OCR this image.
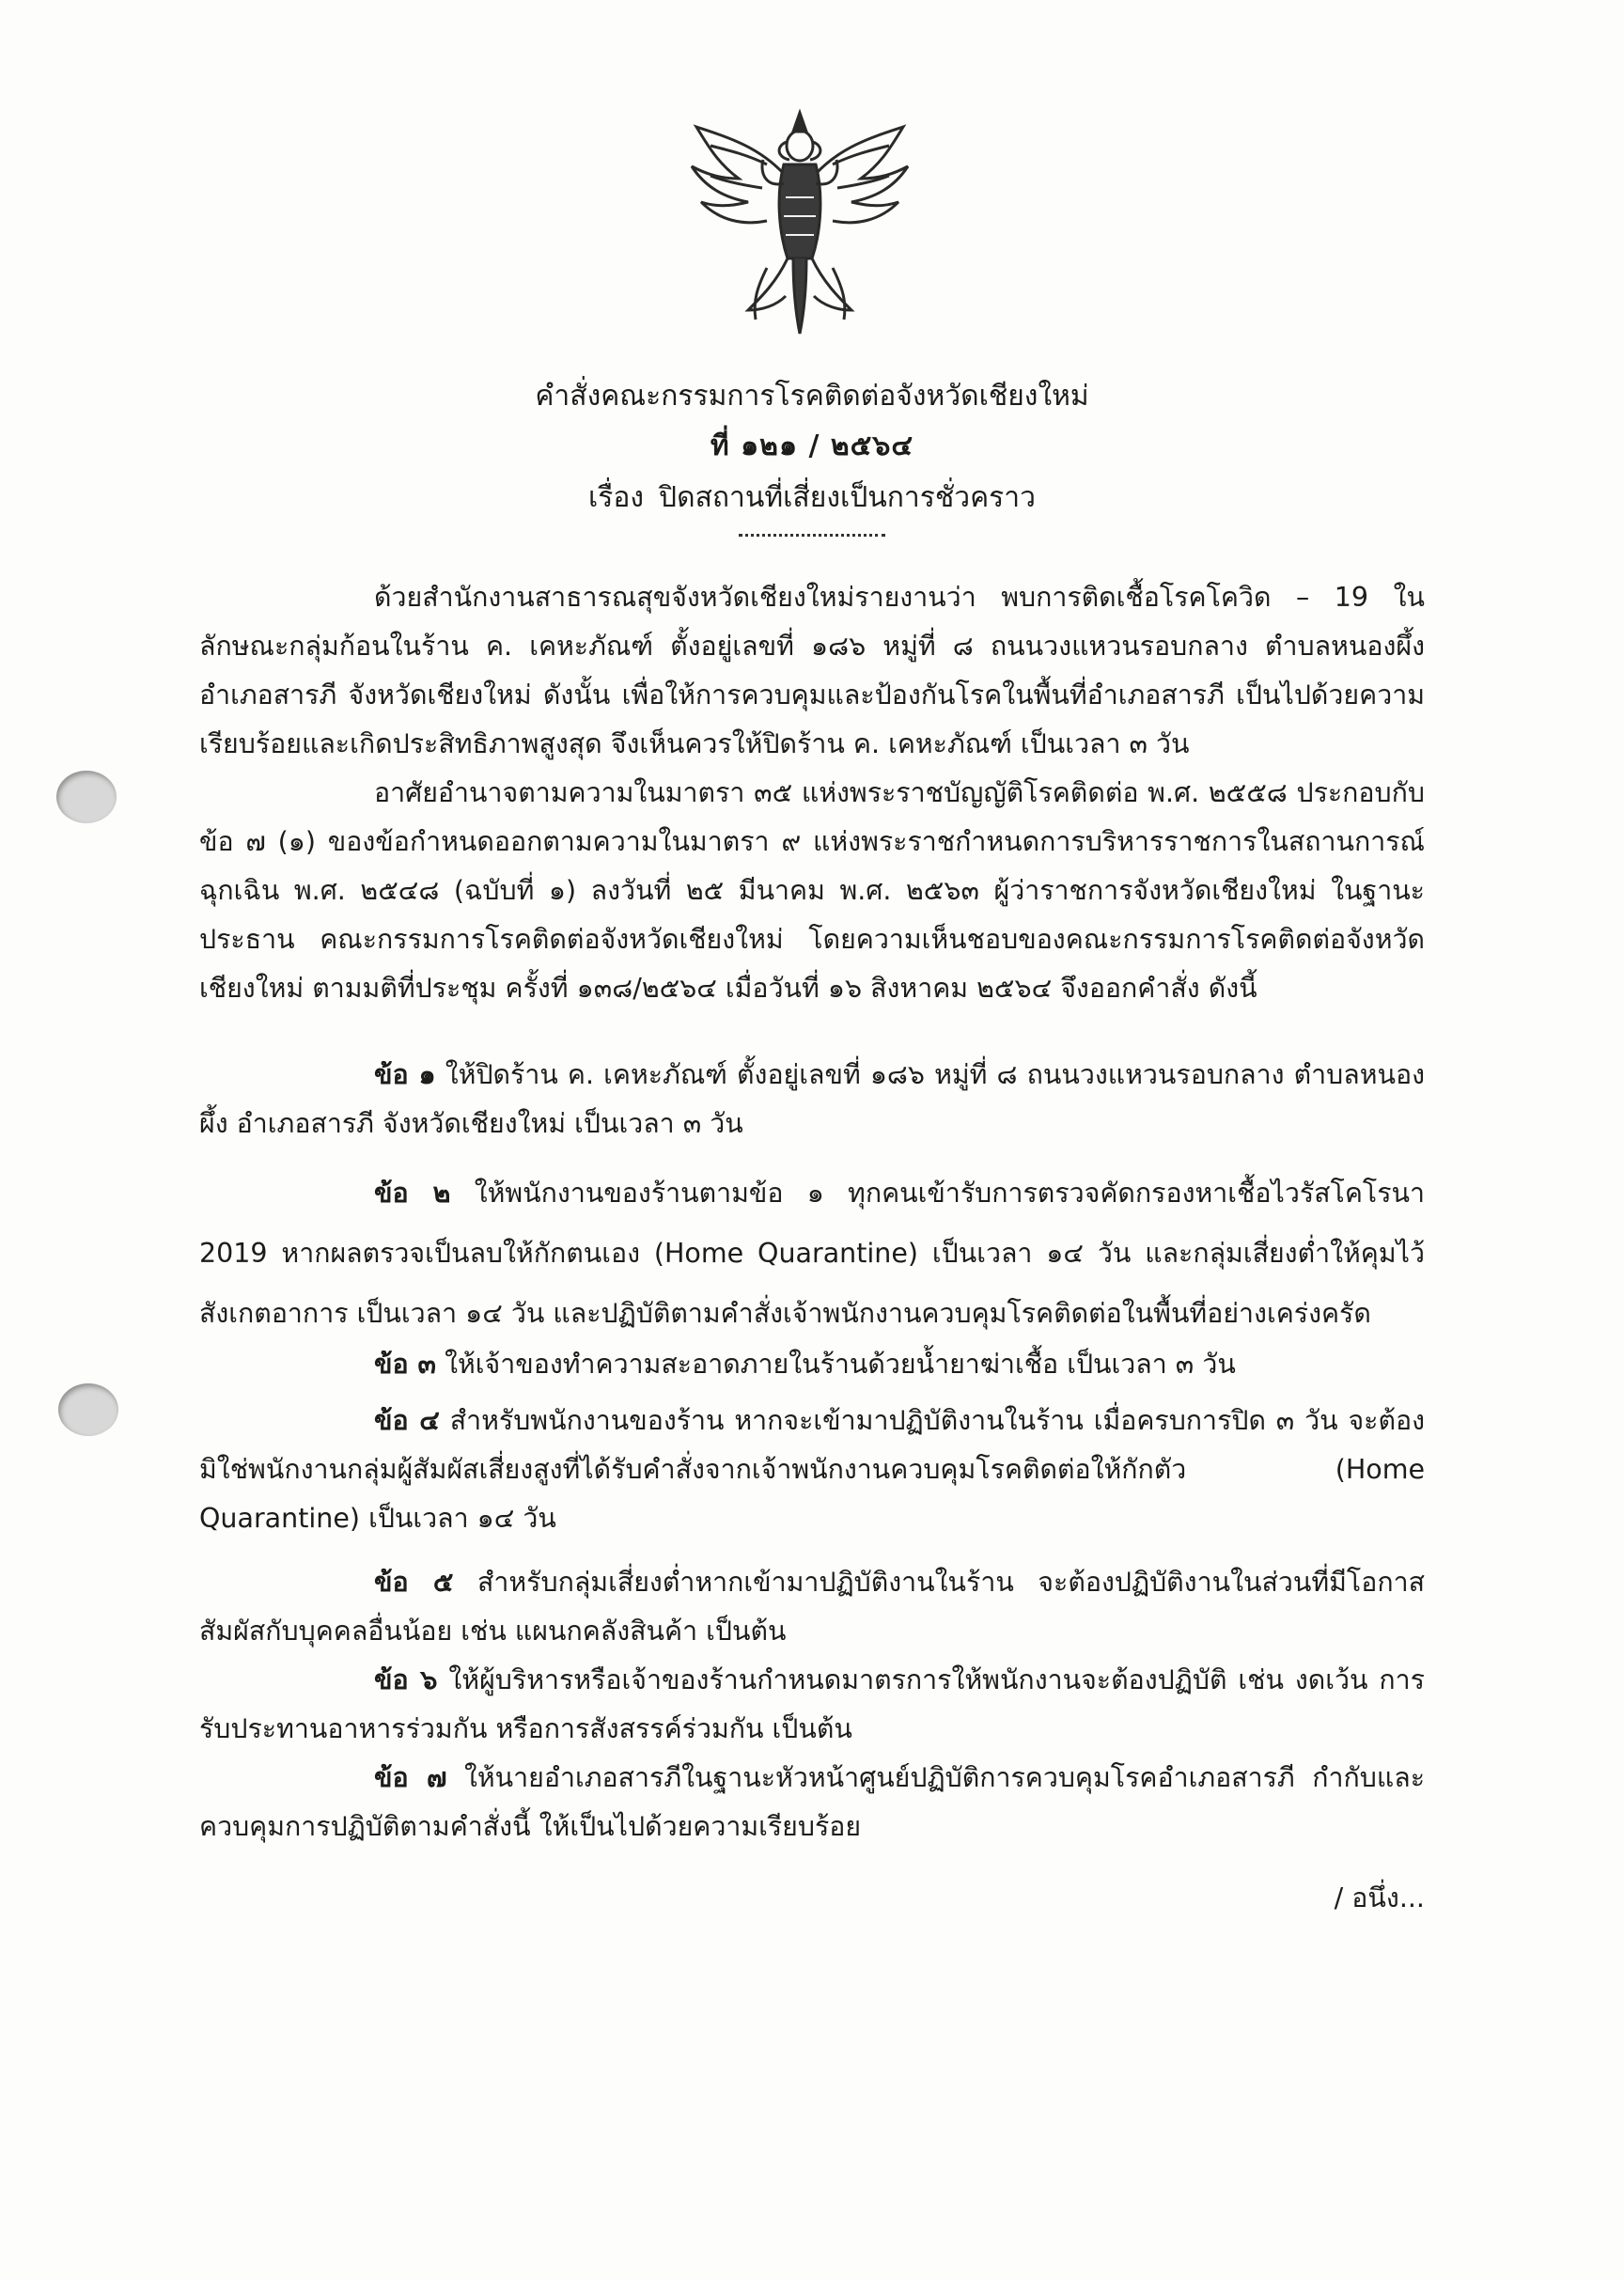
คำสั่งคณะกรรมการโรคติดต่อจังหวัดเชียงใหม่
ที่ ๑๒๑ / ๒๕๖๔
เรื่อง ปิดสถานที่เสี่ยงเป็นการชั่วคราว

ด้วยสำนักงานสาธารณสุขจังหวัดเชียงใหม่รายงานว่า พบการติดเชื้อโรคโควิด – 19 ในลักษณะกลุ่มก้อนในร้าน ค. เคหะภัณฑ์ ตั้งอยู่เลขที่ ๑๘๖ หมู่ที่ ๘ ถนนวงแหวนรอบกลาง ตำบลหนองผึ้ง อำเภอสารภี จังหวัดเชียงใหม่ ดังนั้น เพื่อให้การควบคุมและป้องกันโรคในพื้นที่อำเภอสารภี เป็นไปด้วยความเรียบร้อยและเกิดประสิทธิภาพสูงสุด จึงเห็นควรให้ปิดร้าน ค. เคหะภัณฑ์ เป็นเวลา ๓ วัน

อาศัยอำนาจตามความในมาตรา ๓๕ แห่งพระราชบัญญัติโรคติดต่อ พ.ศ. ๒๕๕๘ ประกอบกับ ข้อ ๗ (๑) ของข้อกำหนดออกตามความในมาตรา ๙ แห่งพระราชกำหนดการบริหารราชการในสถานการณ์ฉุกเฉิน พ.ศ. ๒๕๔๘ (ฉบับที่ ๑) ลงวันที่ ๒๕ มีนาคม พ.ศ. ๒๕๖๓ ผู้ว่าราชการจังหวัดเชียงใหม่ ในฐานะประธาน คณะกรรมการโรคติดต่อจังหวัดเชียงใหม่ โดยความเห็นชอบของคณะกรรมการโรคติดต่อจังหวัดเชียงใหม่ ตามมติที่ประชุม ครั้งที่ ๑๓๘/๒๕๖๔ เมื่อวันที่ ๑๖ สิงหาคม ๒๕๖๔ จึงออกคำสั่ง ดังนี้

ข้อ ๑ ให้ปิดร้าน ค. เคหะภัณฑ์ ตั้งอยู่เลขที่ ๑๘๖ หมู่ที่ ๘ ถนนวงแหวนรอบกลาง ตำบลหนองผึ้ง อำเภอสารภี จังหวัดเชียงใหม่ เป็นเวลา ๓ วัน

ข้อ ๒ ให้พนักงานของร้านตามข้อ ๑ ทุกคนเข้ารับการตรวจคัดกรองหาเชื้อไวรัสโคโรนา 2019 หากผลตรวจเป็นลบให้กักตนเอง (Home Quarantine) เป็นเวลา ๑๔ วัน และกลุ่มเสี่ยงต่ำให้คุมไว้สังเกตอาการ เป็นเวลา ๑๔ วัน และปฏิบัติตามคำสั่งเจ้าพนักงานควบคุมโรคติดต่อในพื้นที่อย่างเคร่งครัด

ข้อ ๓ ให้เจ้าของทำความสะอาดภายในร้านด้วยน้ำยาฆ่าเชื้อ เป็นเวลา ๓ วัน

ข้อ ๔ สำหรับพนักงานของร้าน หากจะเข้ามาปฏิบัติงานในร้าน เมื่อครบการปิด ๓ วัน จะต้องมิใช่พนักงานกลุ่มผู้สัมผัสเสี่ยงสูงที่ได้รับคำสั่งจากเจ้าพนักงานควบคุมโรคติดต่อให้กักตัว (Home Quarantine) เป็นเวลา ๑๔ วัน

ข้อ ๕ สำหรับกลุ่มเสี่ยงต่ำหากเข้ามาปฏิบัติงานในร้าน จะต้องปฏิบัติงานในส่วนที่มีโอกาส สัมผัสกับบุคคลอื่นน้อย เช่น แผนกคลังสินค้า เป็นต้น

ข้อ ๖ ให้ผู้บริหารหรือเจ้าของร้านกำหนดมาตรการให้พนักงานจะต้องปฏิบัติ เช่น งดเว้น การรับประทานอาหารร่วมกัน หรือการสังสรรค์ร่วมกัน เป็นต้น

ข้อ ๗ ให้นายอำเภอสารภีในฐานะหัวหน้าศูนย์ปฏิบัติการควบคุมโรคอำเภอสารภี กำกับและควบคุมการปฏิบัติตามคำสั่งนี้ ให้เป็นไปด้วยความเรียบร้อย

/ อนึ่ง...
